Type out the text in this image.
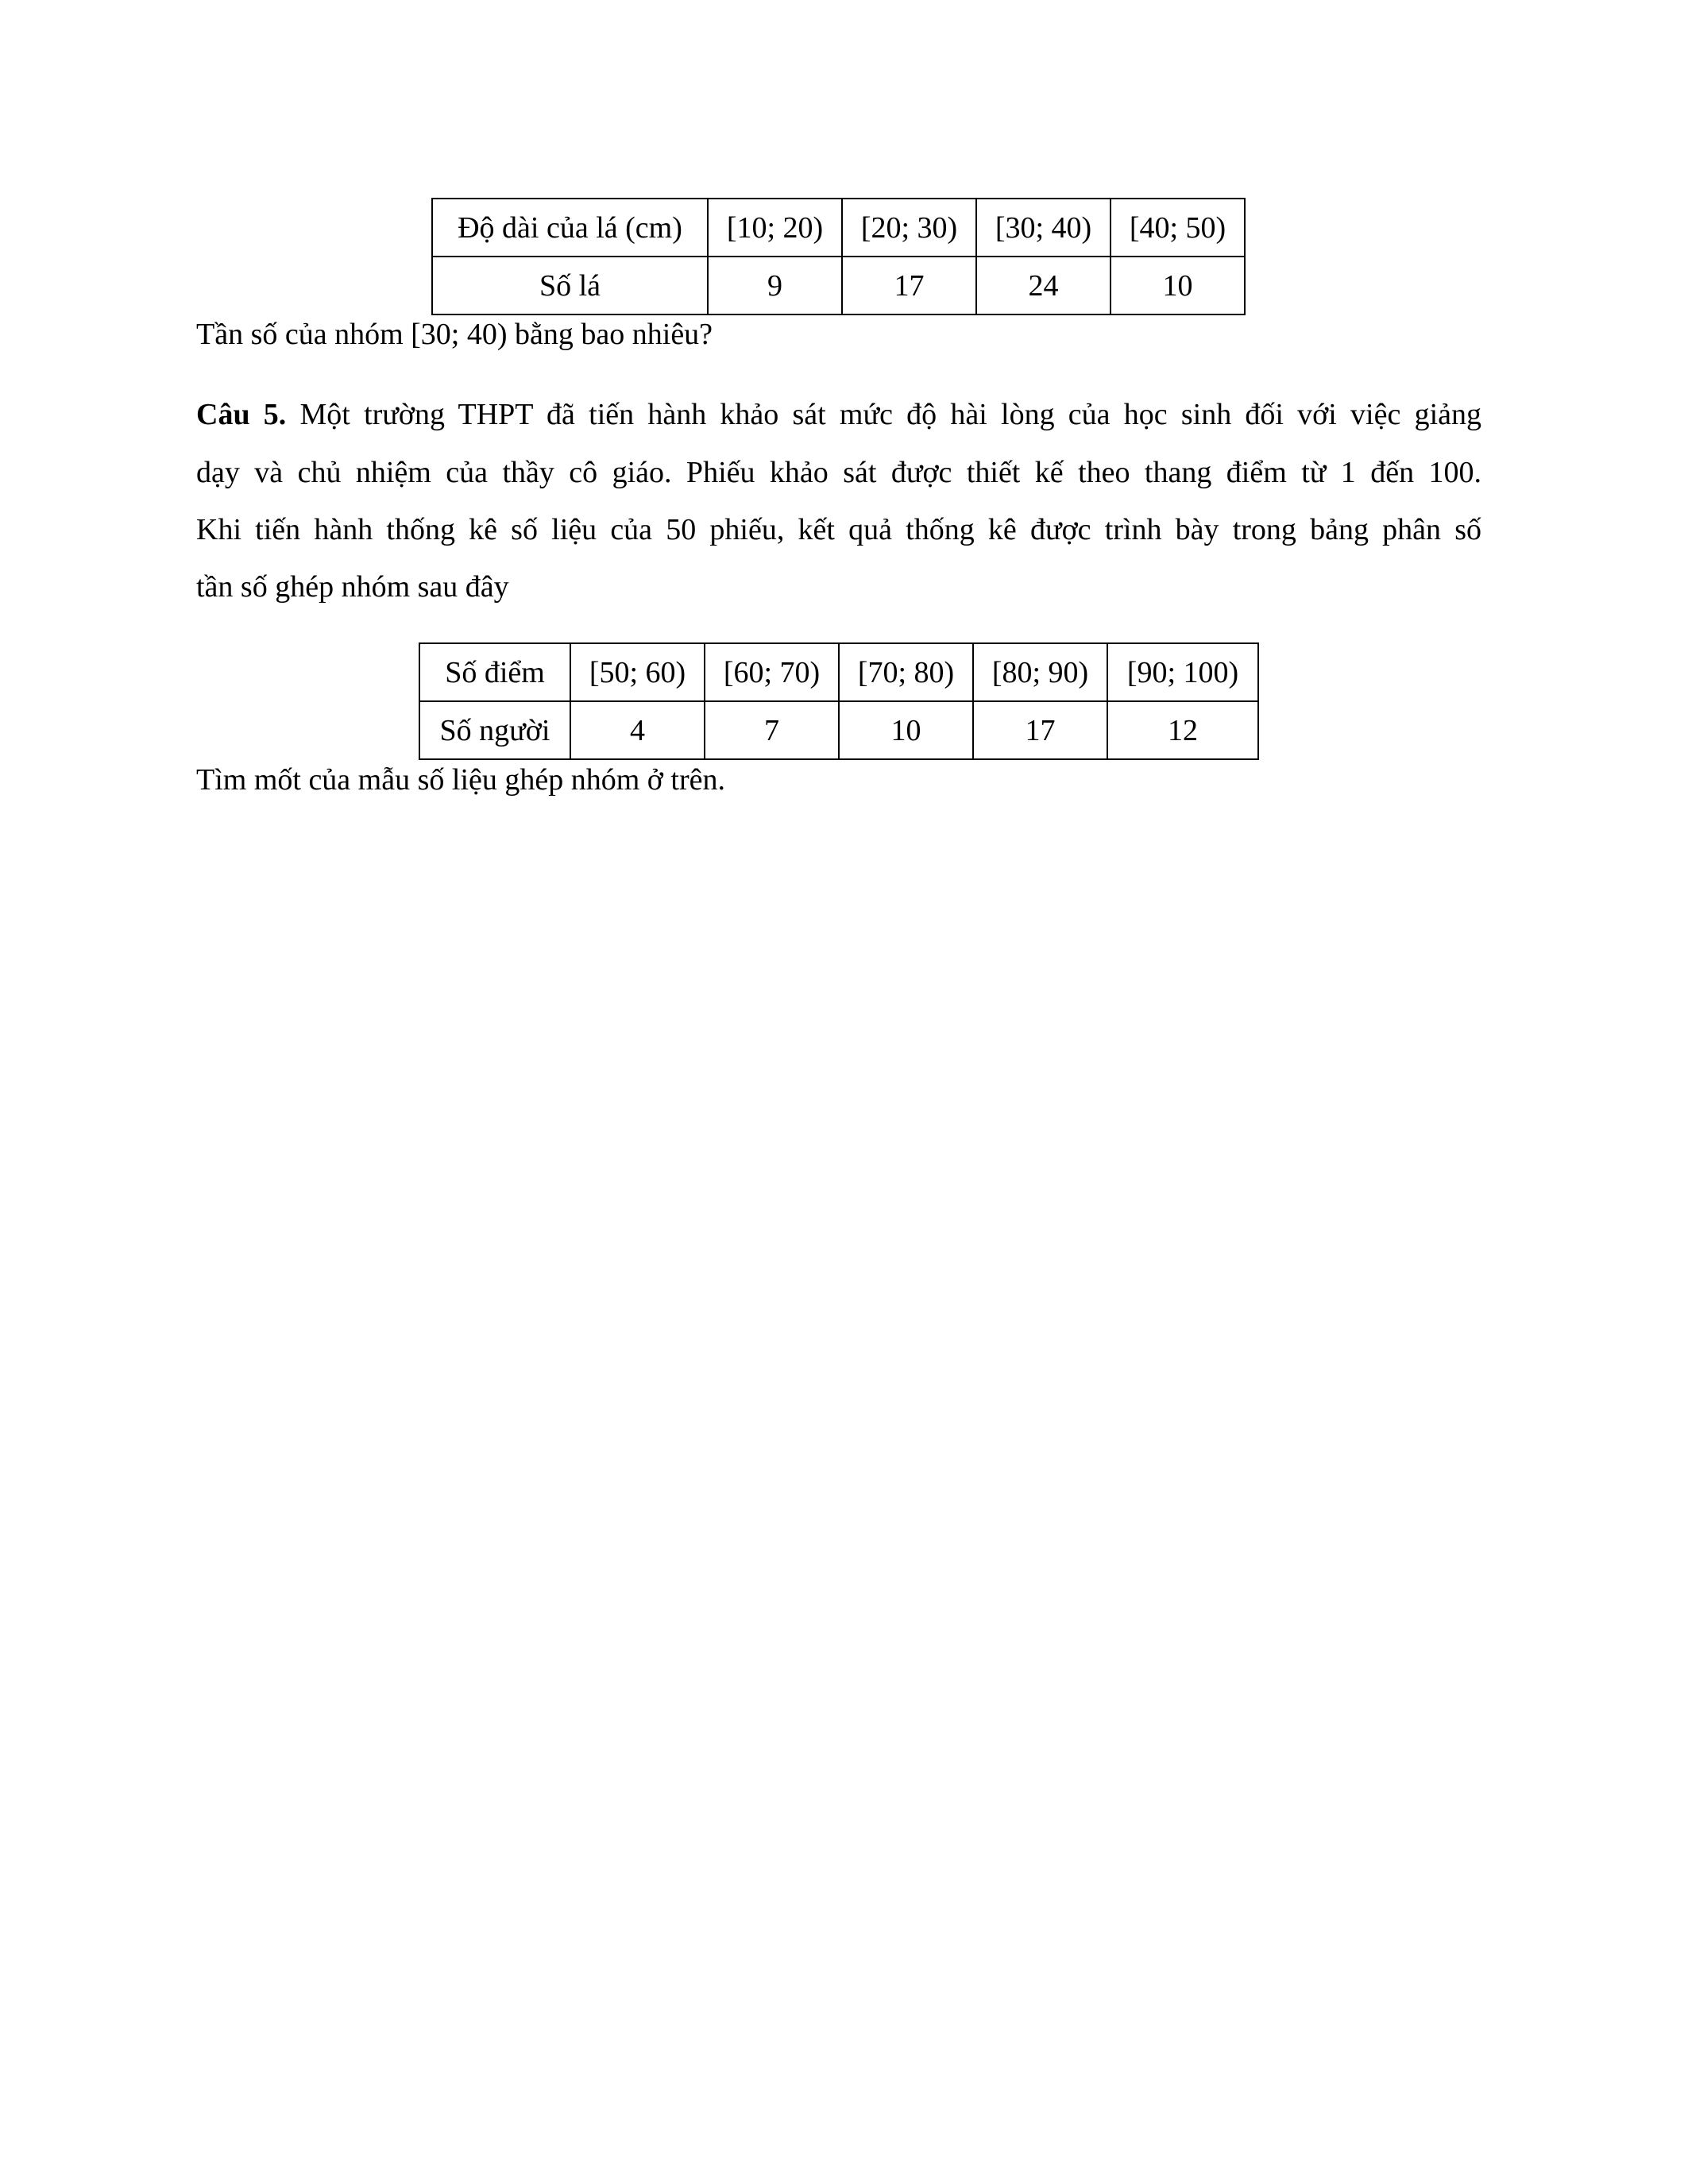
Độ dài của lá (cm)	[10; 20)	[20; 30)	[30; 40)	[40; 50)
Số lá	9	17	24	10
Tần số của nhóm [30; 40) bằng bao nhiêu?
Câu 5. Một trường THPT đã tiến hành khảo sát mức độ hài lòng của học sinh đối với việc giảng
dạy và chủ nhiệm của thầy cô giáo. Phiếu khảo sát được thiết kế theo thang điểm từ 1 đến 100.
Khi tiến hành thống kê số liệu của 50 phiếu, kết quả thống kê được trình bày trong bảng phân số
tần số ghép nhóm sau đây
Số điểm	[50; 60)	[60; 70)	[70; 80)	[80; 90)	[90; 100)
Số người	4	7	10	17	12
Tìm mốt của mẫu số liệu ghép nhóm ở trên.
